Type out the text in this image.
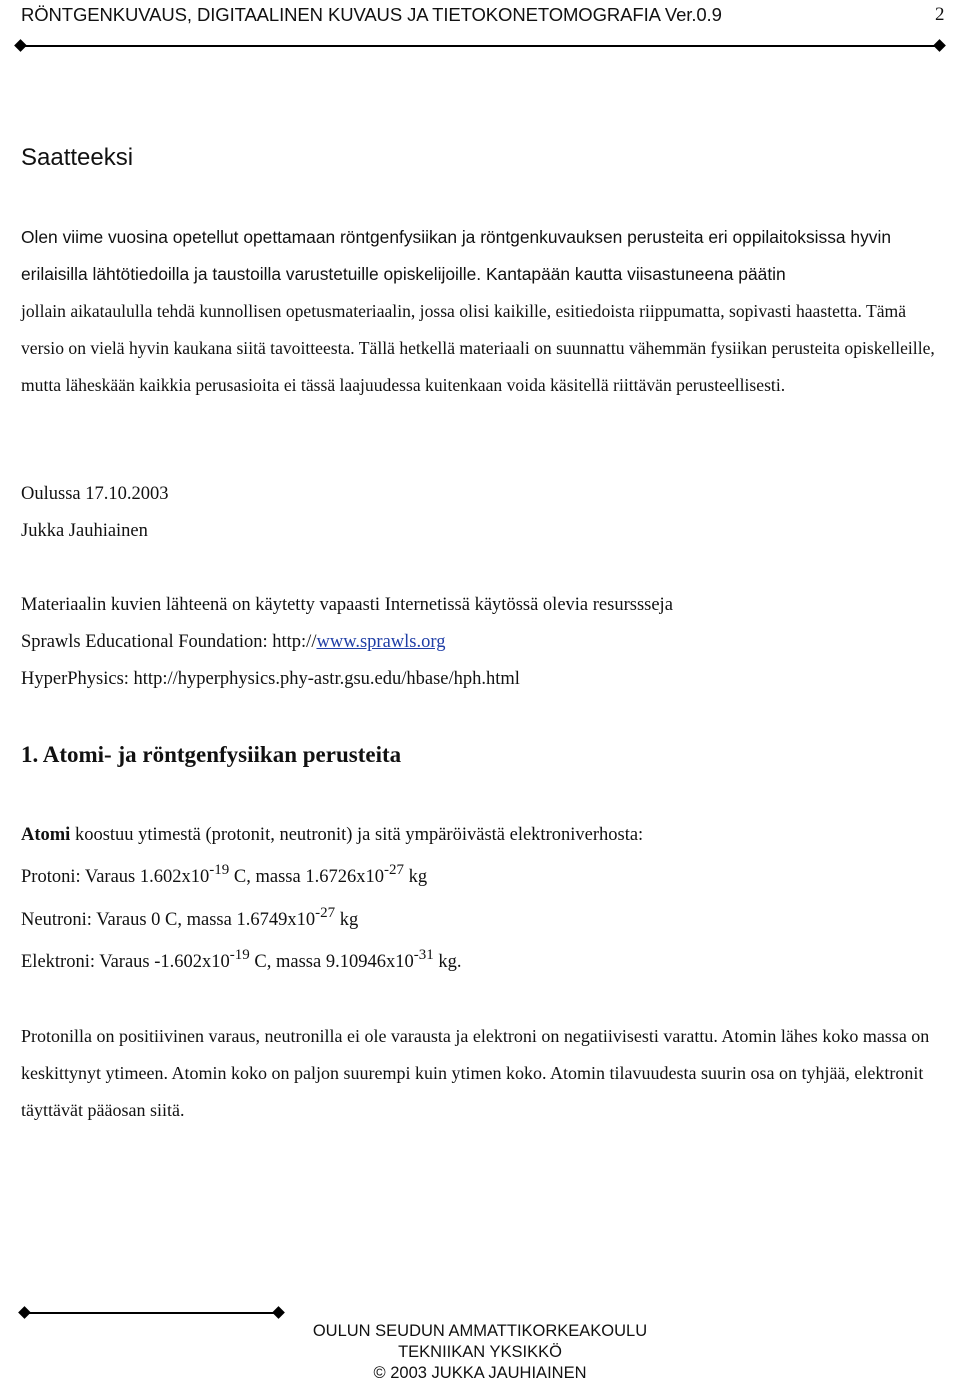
RÖNTGENKUVAUS, DIGITAALINEN KUVAUS JA TIETOKONETOMOGRAFIA Ver.0.9	2
Saatteeksi

Olen viime vuosina opetellut opettamaan röntgenfysiikan ja röntgenkuvauksen perusteita eri oppilaitoksissa hyvin erilaisilla lähtötiedoilla ja taustoilla varustetuille opiskelijoille. Kantapään kautta viisastuneena päätin

jollain aikataululla tehdä kunnollisen opetusmateriaalin, jossa olisi kaikille, esitiedoista riippumatta, sopivasti haastetta. Tämä versio on vielä hyvin kaukana siitä tavoitteesta. Tällä hetkellä materiaali on suunnattu vähemmän fysiikan perusteita opiskelleille, mutta läheskään kaikkia perusasioita ei tässä laajuudessa kuitenkaan voida käsitellä riittävän perusteellisesti.

Oulussa 17.10.2003
Jukka Jauhiainen
Materiaalin kuvien lähteenä on käytetty vapaasti Internetissä käytössä olevia resurssseja
Sprawls Educational Foundation: http://www.sprawls.org
HyperPhysics: http://hyperphysics.phy-astr.gsu.edu/hbase/hph.html
1. Atomi- ja röntgenfysiikan perusteita
Atomi koostuu ytimestä (protonit, neutronit) ja sitä ympäröivästä elektroniverhosta:
Protoni: Varaus $1.602x10^{-19}$ C, massa $1.6726x10^{-27}$ kg
Neutroni: Varaus 0 C, massa $1.6749x10^{-27}$ kg
Elektroni: Varaus $-1.602x10^{-19}$ C, massa $9.10946x10^{-31}$ kg.

Protonilla on positiivinen varaus, neutronilla ei ole varausta ja elektroni on negatiivisesti varattu. Atomin lähes koko massa on keskittynyt ytimeen. Atomin koko on paljon suurempi kuin ytimen koko. Atomin tilavuudesta suurin osa on tyhjää, elektronit täyttävät pääosan siitä.

OULUN SEUDUN AMMATTIKORKEAKOULU
TEKNIIKAN YKSIKKÖ
© 2003 JUKKA JAUHIAINEN
